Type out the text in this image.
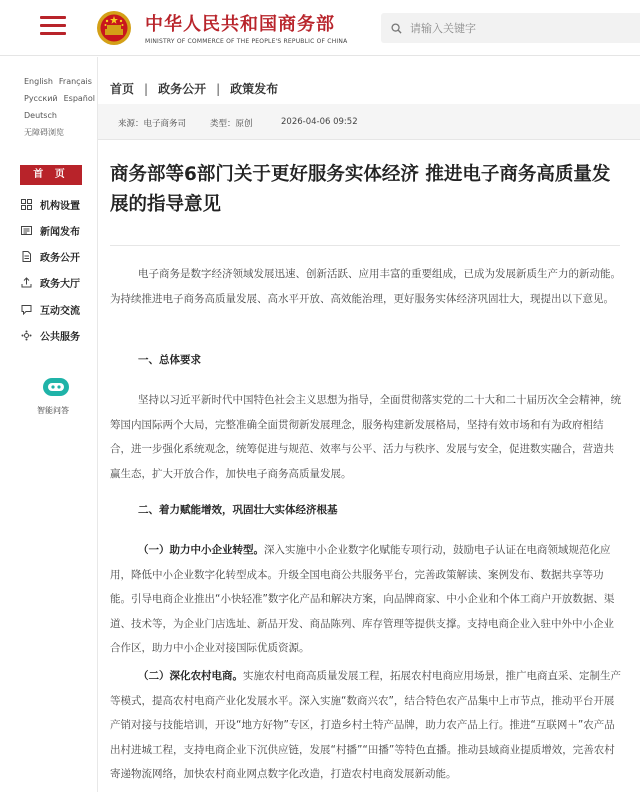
中华人民共和国商务部
MINISTRY OF COMMERCE OF THE PEOPLE'S REPUBLIC OF CHINA
请输入关键字
English Français
Русский Español
Deutsch
无障碍浏览
首 页
机构设置
新闻发布
政务公开
政务大厅
互动交流
公共服务
智能问答
首页 | 政务公开 | 政策发布
来源：电子商务司	类型：原创	2026-04-06 09:52
商务部等6部门关于更好服务实体经济 推进电子商务高质量发展的指导意见

电子商务是数字经济领域发展迅速、创新活跃、应用丰富的重要组成，已成为发展新质生产力的新动能。为持续推进电子商务高质量发展、高水平开放、高效能治理，更好服务实体经济巩固壮大，现提出以下意见。

一、总体要求

坚持以习近平新时代中国特色社会主义思想为指导，全面贯彻落实党的二十大和二十届历次全会精神，统筹国内国际两个大局，完整准确全面贯彻新发展理念，服务构建新发展格局，坚持有效市场和有为政府相结合，进一步强化系统观念，统筹促进与规范、效率与公平、活力与秩序、发展与安全，促进数实融合，营造共赢生态，扩大开放合作，加快电子商务高质量发展。

二、着力赋能增效，巩固壮大实体经济根基

（一）助力中小企业转型。深入实施中小企业数字化赋能专项行动，鼓励电子认证在电商领域规范化应用，降低中小企业数字化转型成本。升级全国电商公共服务平台，完善政策解读、案例发布、数据共享等功能。引导电商企业推出“小快轻准”数字化产品和解决方案，向品牌商家、中小企业和个体工商户开放数据、渠道、技术等，为企业门店选址、新品开发、商品陈列、库存管理等提供支撑。支持电商企业入驻中外中小企业合作区，助力中小企业对接国际优质资源。

（二）深化农村电商。实施农村电商高质量发展工程，拓展农村电商应用场景，推广电商直采、定制生产等模式，提高农村电商产业化发展水平。深入实施“数商兴农”，结合特色农产品集中上市节点，推动平台开展产销对接与技能培训，开设“地方好物”专区，打造乡村土特产品牌，助力农产品上行。推进“互联网＋”农产品出村进城工程，支持电商企业下沉供应链，发展“村播”“田播”等特色直播。推动县域商业提质增效，完善农村寄递物流网络，加快农村商业网点数字化改造，打造农村电商发展新动能。
